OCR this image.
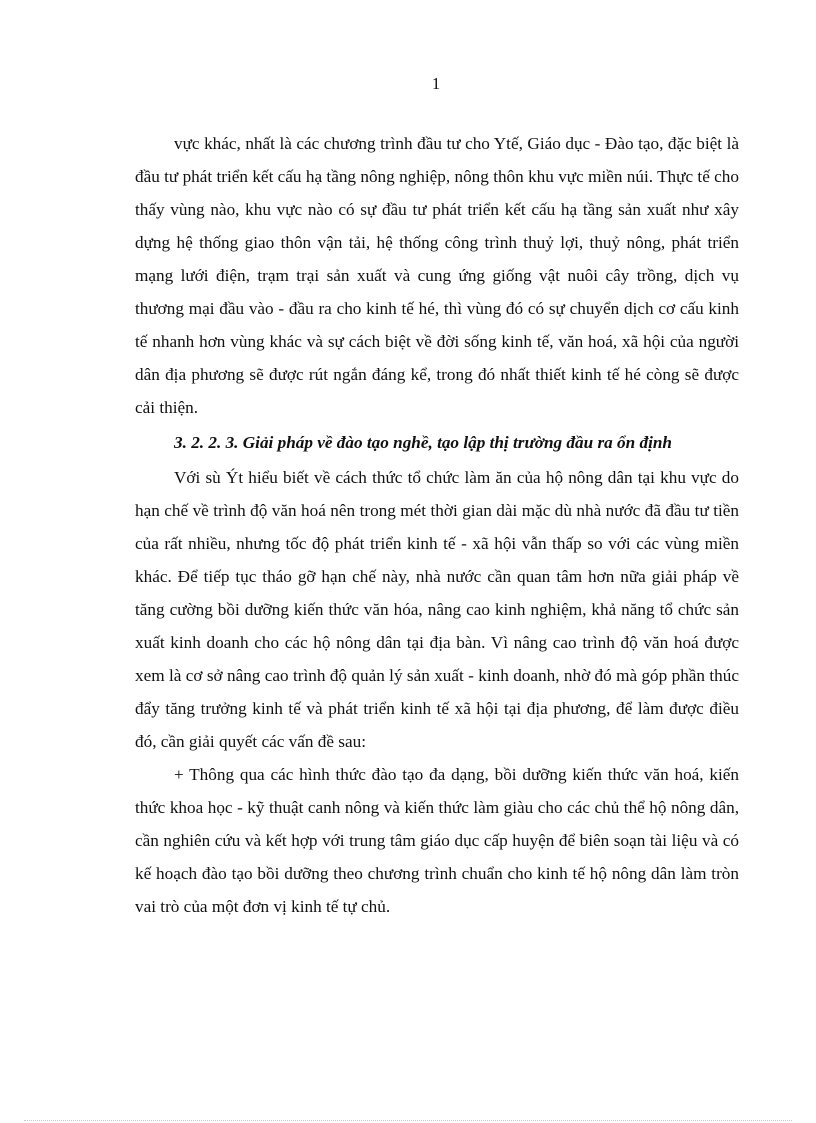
1

vực khác, nhất là các chương trình đầu tư cho Ytế, Giáo dục - Đào tạo, đặc biệt là đầu tư phát triển kết cấu hạ tầng nông nghiệp, nông thôn khu vực miền núi. Thực tế cho thấy vùng nào, khu vực nào có sự đầu tư phát triển kết cấu hạ tầng sản xuất như xây dựng hệ thống giao thôn vận tải, hệ thống công trình thuỷ lợi, thuỷ nông, phát triển mạng lưới điện, trạm trại sản xuất và cung ứng giống vật nuôi cây trồng, dịch vụ thương mại đầu vào - đầu ra cho kinh tế hé, thì vùng đó có sự chuyển dịch cơ cấu kinh tế nhanh hơn vùng khác và sự cách biệt về đời sống kinh tế, văn hoá, xã hội của người dân địa phương sẽ được rút ngắn đáng kể, trong đó nhất thiết kinh tế hé còng sẽ được cải thiện.

3. 2. 2. 3. Giải pháp về đào tạo nghề, tạo lập thị trường đầu ra ổn định

Với sù Ýt hiểu biết về cách thức tổ chức làm ăn của hộ nông dân tại khu vực do hạn chế về trình độ văn hoá nên trong mét thời gian dài mặc dù nhà nước đã đầu tư tiền của rất nhiều, nhưng tốc độ phát triển kinh tế - xã hội vẫn thấp so với các vùng miền khác. Để tiếp tục tháo gỡ hạn chế này, nhà nước cần quan tâm hơn nữa giải pháp về tăng cường bồi dưỡng kiến thức văn hóa, nâng cao kinh nghiệm, khả năng tổ chức sản xuất kinh doanh cho các hộ nông dân tại địa bàn. Vì nâng cao trình độ văn hoá được xem là cơ sở nâng cao trình độ quản lý sản xuất - kinh doanh, nhờ đó mà góp phần thúc đẩy tăng trưởng kinh tế và phát triển kinh tế xã hội tại địa phương, để làm được điều đó, cần giải quyết các vấn đề sau:

+ Thông qua các hình thức đào tạo đa dạng, bồi dưỡng kiến thức văn hoá, kiến thức khoa học - kỹ thuật canh nông và kiến thức làm giàu cho các chủ thể hộ nông dân, cần nghiên cứu và kết hợp với trung tâm giáo dục cấp huyện để biên soạn tài liệu và có kế hoạch đào tạo bồi dưỡng theo chương trình chuẩn cho kinh tế hộ nông dân làm tròn vai trò của một đơn vị kinh tế tự chủ.
